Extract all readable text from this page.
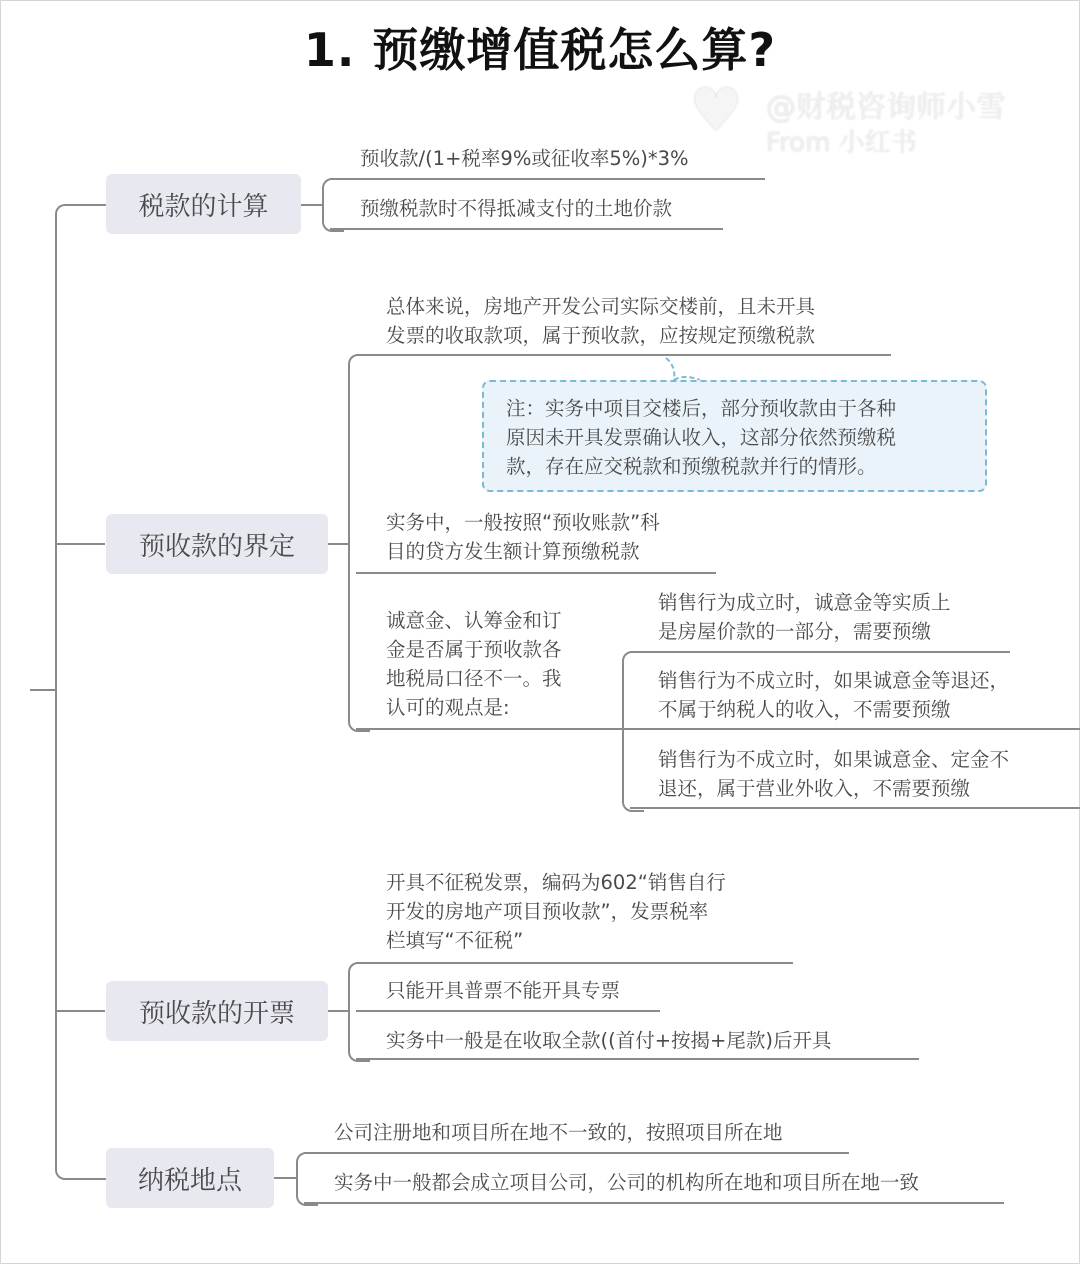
1. 预缴增值税怎么算?
♥ @财税咨询师小雪
From 小红书
税款的计算
预收款/(1+税率9%或征收率5%)*3%
预缴税款时不得抵减支付的土地价款
预收款的界定
总体来说，房地产开发公司实际交楼前，且未开具
发票的收取款项，属于预收款，应按规定预缴税款
注：实务中项目交楼后，部分预收款由于各种
原因未开具发票确认收入，这部分依然预缴税
款，存在应交税款和预缴税款并行的情形。
实务中，一般按照“预收账款”科
目的贷方发生额计算预缴税款
诚意金、认筹金和订
金是否属于预收款各
地税局口径不一。我
认可的观点是:
销售行为成立时，诚意金等实质上
是房屋价款的一部分，需要预缴
销售行为不成立时，如果诚意金等退还，
不属于纳税人的收入，不需要预缴
销售行为不成立时，如果诚意金、定金不
退还，属于营业外收入，不需要预缴
预收款的开票
开具不征税发票，编码为602“销售自行
开发的房地产项目预收款”，发票税率
栏填写“不征税”
只能开具普票不能开具专票
实务中一般是在收取全款((首付+按揭+尾款)后开具
纳税地点
公司注册地和项目所在地不一致的，按照项目所在地
实务中一般都会成立项目公司，公司的机构所在地和项目所在地一致
